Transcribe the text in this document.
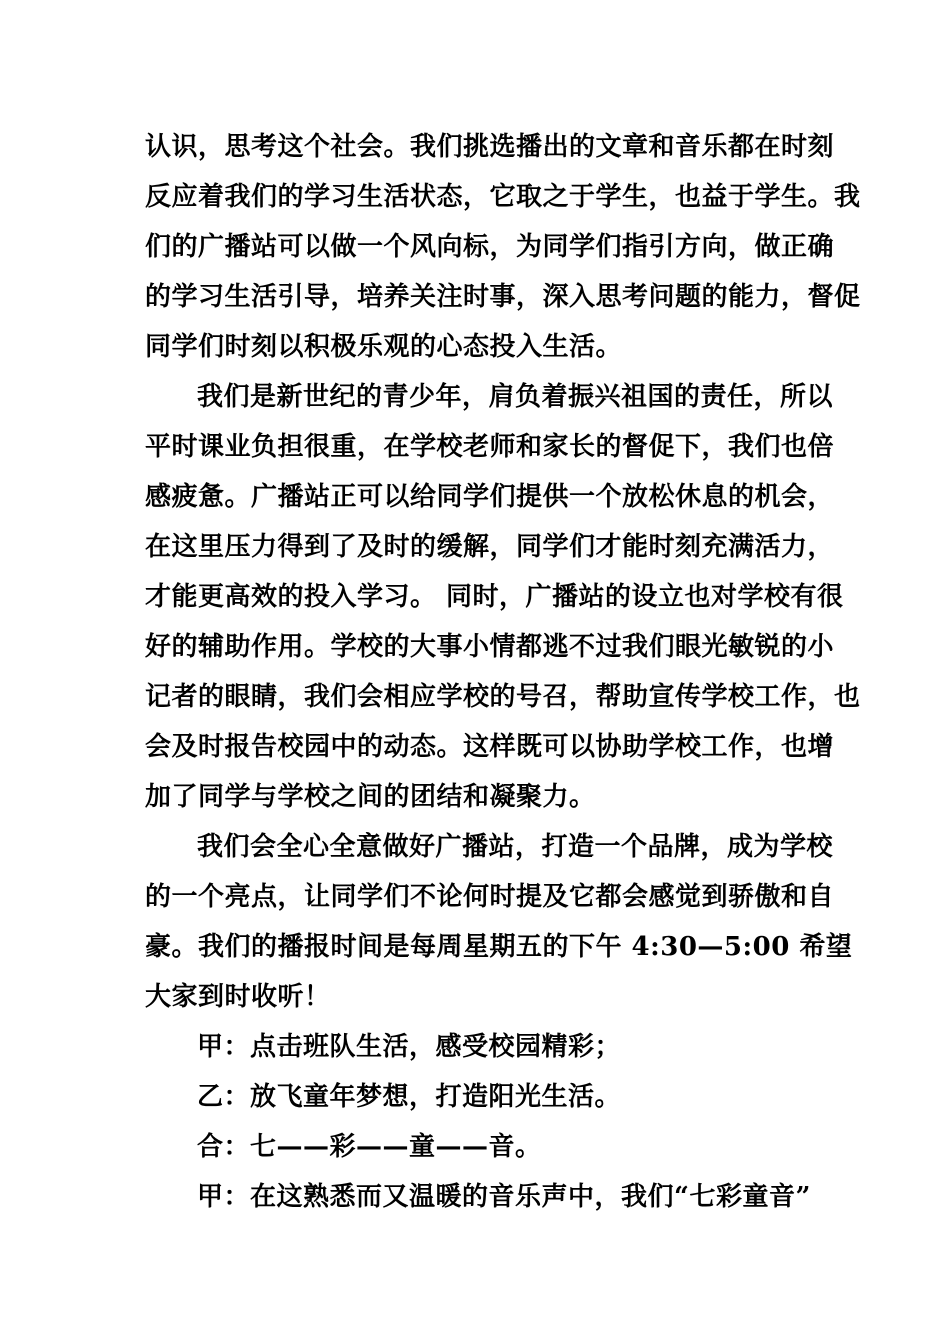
认识，思考这个社会。我们挑选播出的文章和音乐都在时刻
反应着我们的学习生活状态，它取之于学生，也益于学生。我
们的广播站可以做一个风向标，为同学们指引方向，做正确
的学习生活引导，培养关注时事，深入思考问题的能力，督促
同学们时刻以积极乐观的心态投入生活。
我们是新世纪的青少年，肩负着振兴祖国的责任，所以
平时课业负担很重，在学校老师和家长的督促下，我们也倍
感疲惫。广播站正可以给同学们提供一个放松休息的机会，
在这里压力得到了及时的缓解，同学们才能时刻充满活力，
才能更高效的投入学习。 同时，广播站的设立也对学校有很
好的辅助作用。学校的大事小情都逃不过我们眼光敏锐的小
记者的眼睛，我们会相应学校的号召，帮助宣传学校工作，也
会及时报告校园中的动态。这样既可以协助学校工作，也增
加了同学与学校之间的团结和凝聚力。
我们会全心全意做好广播站，打造一个品牌，成为学校
的一个亮点，让同学们不论何时提及它都会感觉到骄傲和自
豪。我们的播报时间是每周星期五的下午 4:30—5:00 希望
大家到时收听！
甲：点击班队生活，感受校园精彩；
乙：放飞童年梦想，打造阳光生活。
合：七——彩——童——音。
甲：在这熟悉而又温暖的音乐声中，我们“七彩童音”
